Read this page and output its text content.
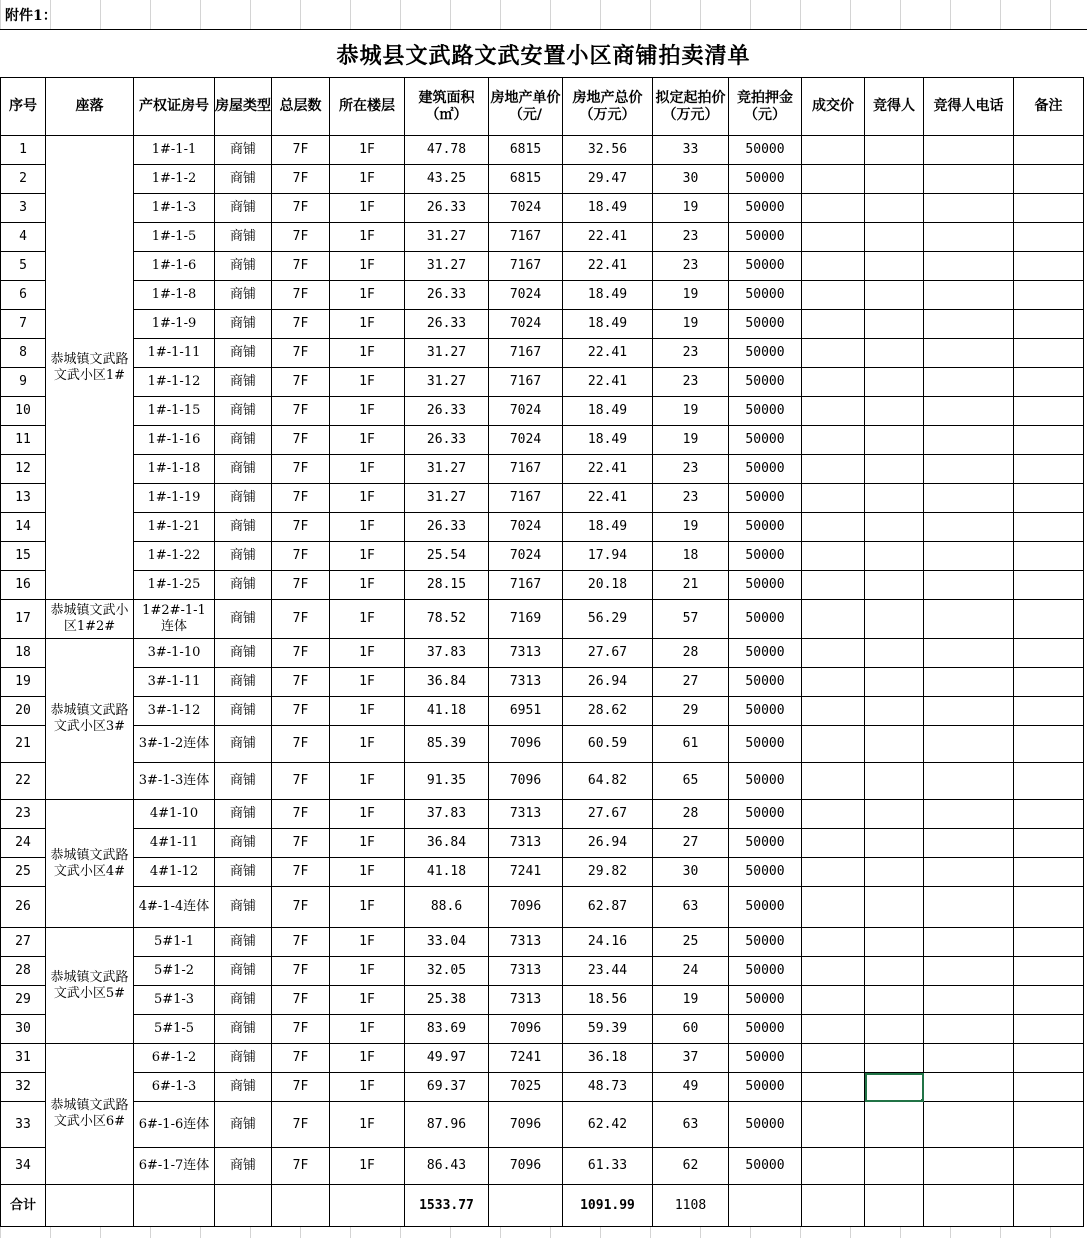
附件1：
恭城县文武路文武安置小区商铺拍卖清单
序号	座落	产权证房号	房屋类型	总层数	所在楼层	建筑面积（㎡）	房地产单价（元/	房地产总价（万元）	拟定起拍价（万元）	竞拍押金（元）	成交价	竞得人	竞得人电话	备注
1	恭城镇文武路文武小区1#	1#-1-1	商铺	7F	1F	47.78	6815	32.56	33	50000				
2		1#-1-2	商铺	7F	1F	43.25	6815	29.47	30	50000				
3		1#-1-3	商铺	7F	1F	26.33	7024	18.49	19	50000				
4		1#-1-5	商铺	7F	1F	31.27	7167	22.41	23	50000				
5		1#-1-6	商铺	7F	1F	31.27	7167	22.41	23	50000				
6		1#-1-8	商铺	7F	1F	26.33	7024	18.49	19	50000				
7		1#-1-9	商铺	7F	1F	26.33	7024	18.49	19	50000				
8		1#-1-11	商铺	7F	1F	31.27	7167	22.41	23	50000				
9		1#-1-12	商铺	7F	1F	31.27	7167	22.41	23	50000				
10		1#-1-15	商铺	7F	1F	26.33	7024	18.49	19	50000				
11		1#-1-16	商铺	7F	1F	26.33	7024	18.49	19	50000				
12		1#-1-18	商铺	7F	1F	31.27	7167	22.41	23	50000				
13		1#-1-19	商铺	7F	1F	31.27	7167	22.41	23	50000				
14		1#-1-21	商铺	7F	1F	26.33	7024	18.49	19	50000				
15		1#-1-22	商铺	7F	1F	25.54	7024	17.94	18	50000				
16		1#-1-25	商铺	7F	1F	28.15	7167	20.18	21	50000				
17	恭城镇文武小区1#2#	1#2#-1-1连体	商铺	7F	1F	78.52	7169	56.29	57	50000				
18	恭城镇文武路文武小区3#	3#-1-10	商铺	7F	1F	37.83	7313	27.67	28	50000				
19		3#-1-11	商铺	7F	1F	36.84	7313	26.94	27	50000				
20		3#-1-12	商铺	7F	1F	41.18	6951	28.62	29	50000				
21		3#-1-2连体	商铺	7F	1F	85.39	7096	60.59	61	50000				
22		3#-1-3连体	商铺	7F	1F	91.35	7096	64.82	65	50000				
23	恭城镇文武路文武小区4#	4#1-10	商铺	7F	1F	37.83	7313	27.67	28	50000				
24		4#1-11	商铺	7F	1F	36.84	7313	26.94	27	50000				
25		4#1-12	商铺	7F	1F	41.18	7241	29.82	30	50000				
26		4#-1-4连体	商铺	7F	1F	88.6	7096	62.87	63	50000				
27	恭城镇文武路文武小区5#	5#1-1	商铺	7F	1F	33.04	7313	24.16	25	50000				
28		5#1-2	商铺	7F	1F	32.05	7313	23.44	24	50000				
29		5#1-3	商铺	7F	1F	25.38	7313	18.56	19	50000				
30		5#1-5	商铺	7F	1F	83.69	7096	59.39	60	50000				
31	恭城镇文武路文武小区6#	6#-1-2	商铺	7F	1F	49.97	7241	36.18	37	50000				
32		6#-1-3	商铺	7F	1F	69.37	7025	48.73	49	50000				
33		6#-1-6连体	商铺	7F	1F	87.96	7096	62.42	63	50000				
34		6#-1-7连体	商铺	7F	1F	86.43	7096	61.33	62	50000				
合计						1533.77		1091.99	1108					
